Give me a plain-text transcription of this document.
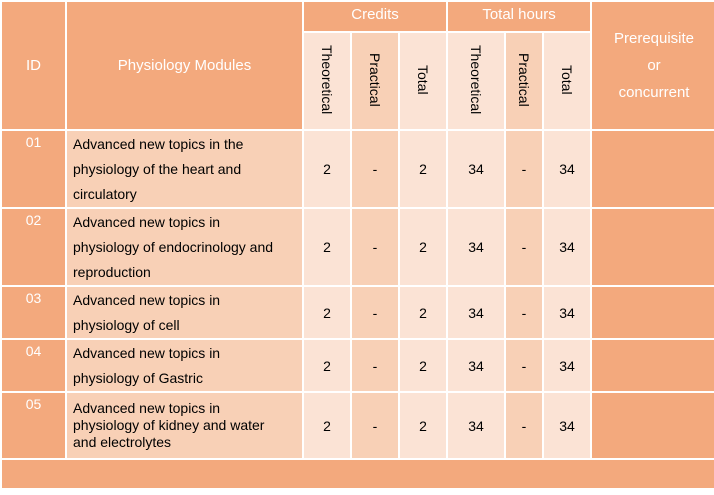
ID	Physiology Modules	Credits			Total hours			Prerequisite
or
concurrent

		Theoretical	Practical	Total	Theoretical	Practical	Total	
01	Advanced new topics in the
physiology of the heart and
circulatory	2	-	2	34	-	34	
02	Advanced new topics in
physiology of endocrinology and
reproduction	2	-	2	34	-	34	
03	Advanced new topics in
physiology of cell	2	-	2	34	-	34	
04	Advanced new topics in
physiology of Gastric	2	-	2	34	-	34	
05	Advanced new topics in
physiology of kidney and water
and electrolytes	2	-	2	34	-	34	
